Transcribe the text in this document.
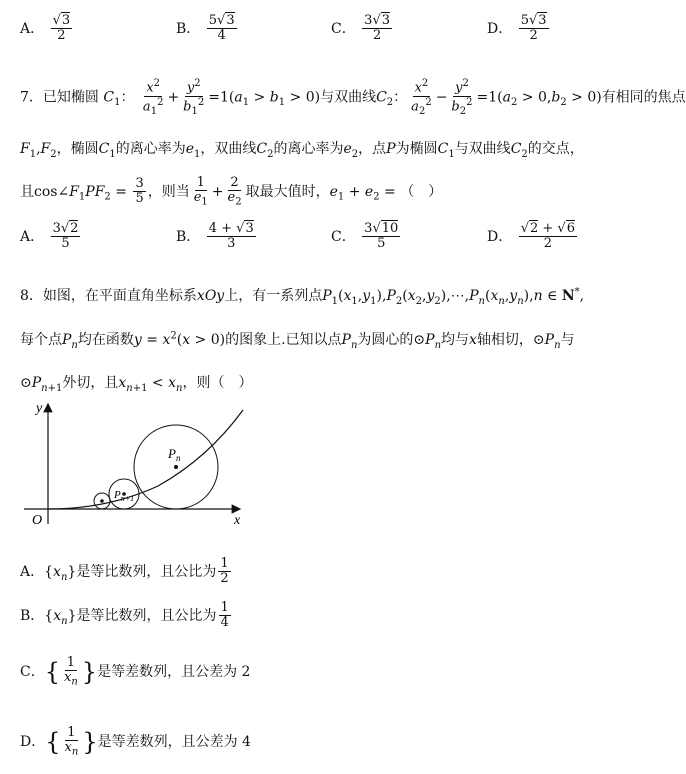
A． $\frac{√3}{2}$	B． $\frac{5√3}{4}$	C． $\frac{3√3}{2}$	D． $\frac{5√3}{2}$
7．已知椭圆 $C_1$： $\frac{x^2}{a_1^2} + \frac{y^2}{b_1^2} =1(a_1 > b_1 > 0)$与双曲线$C_2$： $\frac{x^2}{a_2^2} - \frac{y^2}{b_2^2} =1(a_2 > 0,b_2 > 0)$有相同的焦点
$F_1,F_2$，椭圆$C_1$的离心率为$e_1$，双曲线$C_2$的离心率为$e_2$，点P为椭圆$C_1$与双曲线$C_2$的交点，
且$\cos\angle F_1PF_2 = \frac{3}{5}$ ，则当 $\frac{1}{e_1} + \frac{2}{e_2}$ 取最大值时，$e_1 + e_2$ = （　）
A． $\frac{3√2}{5}$	B． $\frac{4 + √3}{3}$	C． $\frac{3√10}{5}$	D． $\frac{√2 + √6}{2}$
8．如图，在平面直角坐标系xOy上，有一系列点$P_1(x_1,y_1),P_2(x_2,y_2),\cdots,P_n(x_n,y_n),n$ ∈ N*,
每个点$P_n$均在函数$y = x^2(x > 0)$的图象上.已知以点$P_n$为圆心的$⊙P_n$均与x轴相切，$⊙P_n$与
$⊙P_{n+1}$外切，且$x_{n+1} < x_n$，则（　）
y
x
O
$P_n$
$P_{n+1}$
A．$\{x_n\}$是等比数列，且公比为 $\frac{1}{2}$
B．$\{x_n\}$是等比数列，且公比为 $\frac{1}{4}$
C．{ $\frac{1}{x_n}$ }是等差数列，且公差为 2
D．{ $\frac{1}{x_n}$ }是等差数列，且公差为 4
